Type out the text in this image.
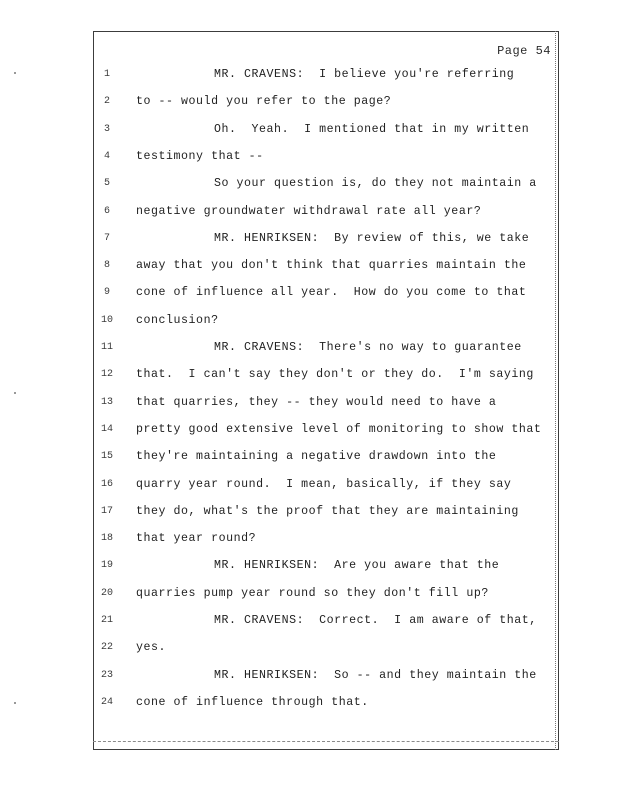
Page 54
1	MR. CRAVENS:  I believe you're referring
2	to -- would you refer to the page?
3	Oh.  Yeah.  I mentioned that in my written
4	testimony that --
5	So your question is, do they not maintain a
6	negative groundwater withdrawal rate all year?
7	MR. HENRIKSEN:  By review of this, we take
8	away that you don't think that quarries maintain the
9	cone of influence all year.  How do you come to that
10	conclusion?
11	MR. CRAVENS:  There's no way to guarantee
12	that.  I can't say they don't or they do.  I'm saying
13	that quarries, they -- they would need to have a
14	pretty good extensive level of monitoring to show that
15	they're maintaining a negative drawdown into the
16	quarry year round.  I mean, basically, if they say
17	they do, what's the proof that they are maintaining
18	that year round?
19	MR. HENRIKSEN:  Are you aware that the
20	quarries pump year round so they don't fill up?
21	MR. CRAVENS:  Correct.  I am aware of that,
22	yes.
23	MR. HENRIKSEN:  So -- and they maintain the
24	cone of influence through that.
